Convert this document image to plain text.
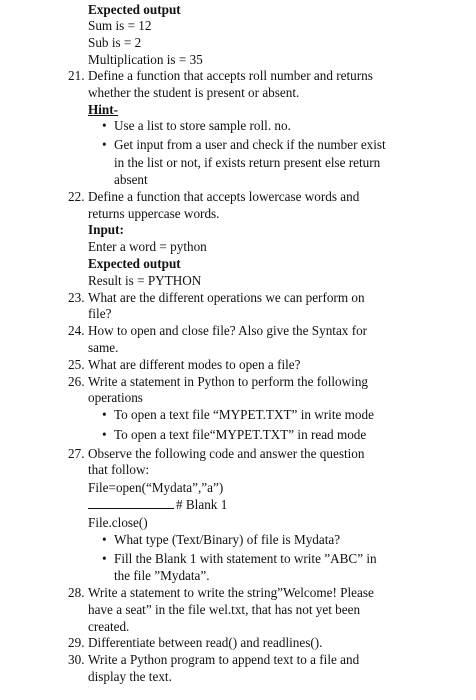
Expected output
Sum is = 12
Sub is = 2
Multiplication is = 35
21. Define a function that accepts roll number and returns
whether the student is present or absent.
Hint-
• Use a list to store sample roll. no.
• Get input from a user and check if the number exist
in the list or not, if exists return present else return
absent
22. Define a function that accepts lowercase words and
returns uppercase words.
Input:
Enter a word = python
Expected output
Result is = PYTHON
23. What are the different operations we can perform on
file?
24. How to open and close file? Also give the Syntax for
same.
25. What are different modes to open a file?
26. Write a statement in Python to perform the following
operations
• To open a text file “MYPET.TXT” in write mode
• To open a text file“MYPET.TXT” in read mode
27. Observe the following code and answer the question
that follow:
File=open(“Mydata”,”a”)
# Blank 1
File.close()
• What type (Text/Binary) of file is Mydata?
• Fill the Blank 1 with statement to write ”ABC” in
the file ”Mydata”.
28. Write a statement to write the string”Welcome! Please
have a seat” in the file wel.txt, that has not yet been
created.
29. Differentiate between read() and readlines().
30. Write a Python program to append text to a file and
display the text.
